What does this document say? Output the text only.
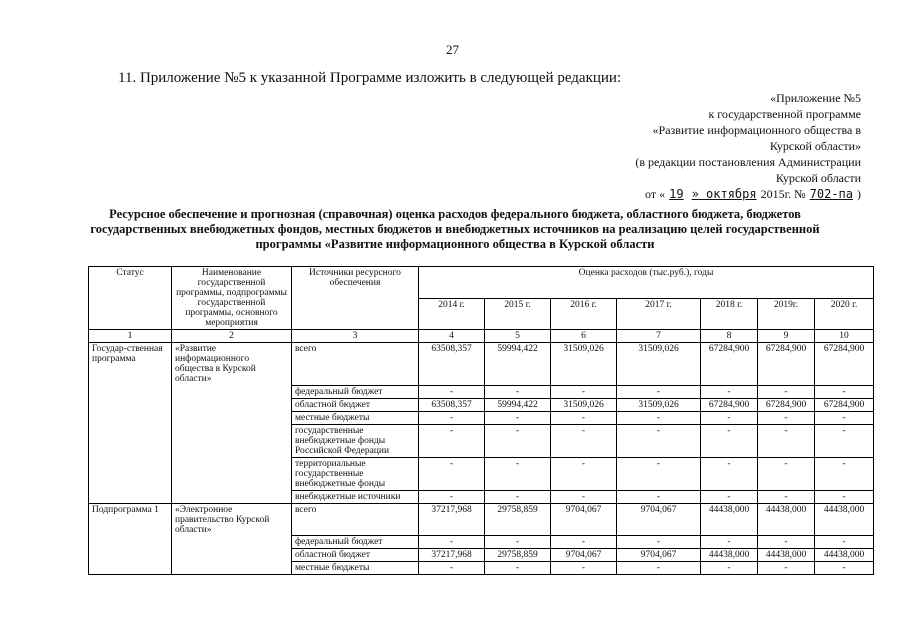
27
11. Приложение №5 к указанной Программе изложить в следующей редакции:
«Приложение №5
к государственной программе
«Развитие информационного общества в
Курской области»
(в редакции постановления Администрации
Курской области
от « 19 » октября 2015г. № 702-па )
Ресурсное обеспечение и прогнозная (справочная) оценка расходов федерального бюджета, областного бюджета, бюджетов государственных внебюджетных фондов, местных бюджетов и внебюджетных источников на реализацию целей государственной программы «Развитие информационного общества в Курской области
Статус	Наименование государственной программы, подпрограммы государственной программы, основного мероприятия	Источники ресурсного обеспечения	Оценка расходов (тыс.руб.), годы						
			2014 г.	2015 г.	2016 г.	2017 г.	2018 г.	2019г.	2020 г.
1	2	3	4	5	6	7	8	9	10
Государ-ственная программа	«Развитие информационного общества в Курской области»	всего	63508,357	59994,422	31509,026	31509,026	67284,900	67284,900	67284,900
		федеральный бюджет	-	-	-	-	-	-	-
		областной бюджет	63508,357	59994,422	31509,026	31509,026	67284,900	67284,900	67284,900
		местные бюджеты	-	-	-	-	-	-	-
		государственные внебюджетные фонды Российской Федерации	-	-	-	-	-	-	-
		территориальные государственные внебюджетные фонды	-	-	-	-	-	-	-
		внебюджетные источники	-	-	-	-	-	-	-
Подпрограмма 1	«Электронное правительство Курской области»	всего	37217,968	29758,859	9704,067	9704,067	44438,000	44438,000	44438,000
		федеральный бюджет	-	-	-	-	-	-	-
		областной бюджет	37217,968	29758,859	9704,067	9704,067	44438,000	44438,000	44438,000
		местные бюджеты	-	-	-	-	-	-	-
